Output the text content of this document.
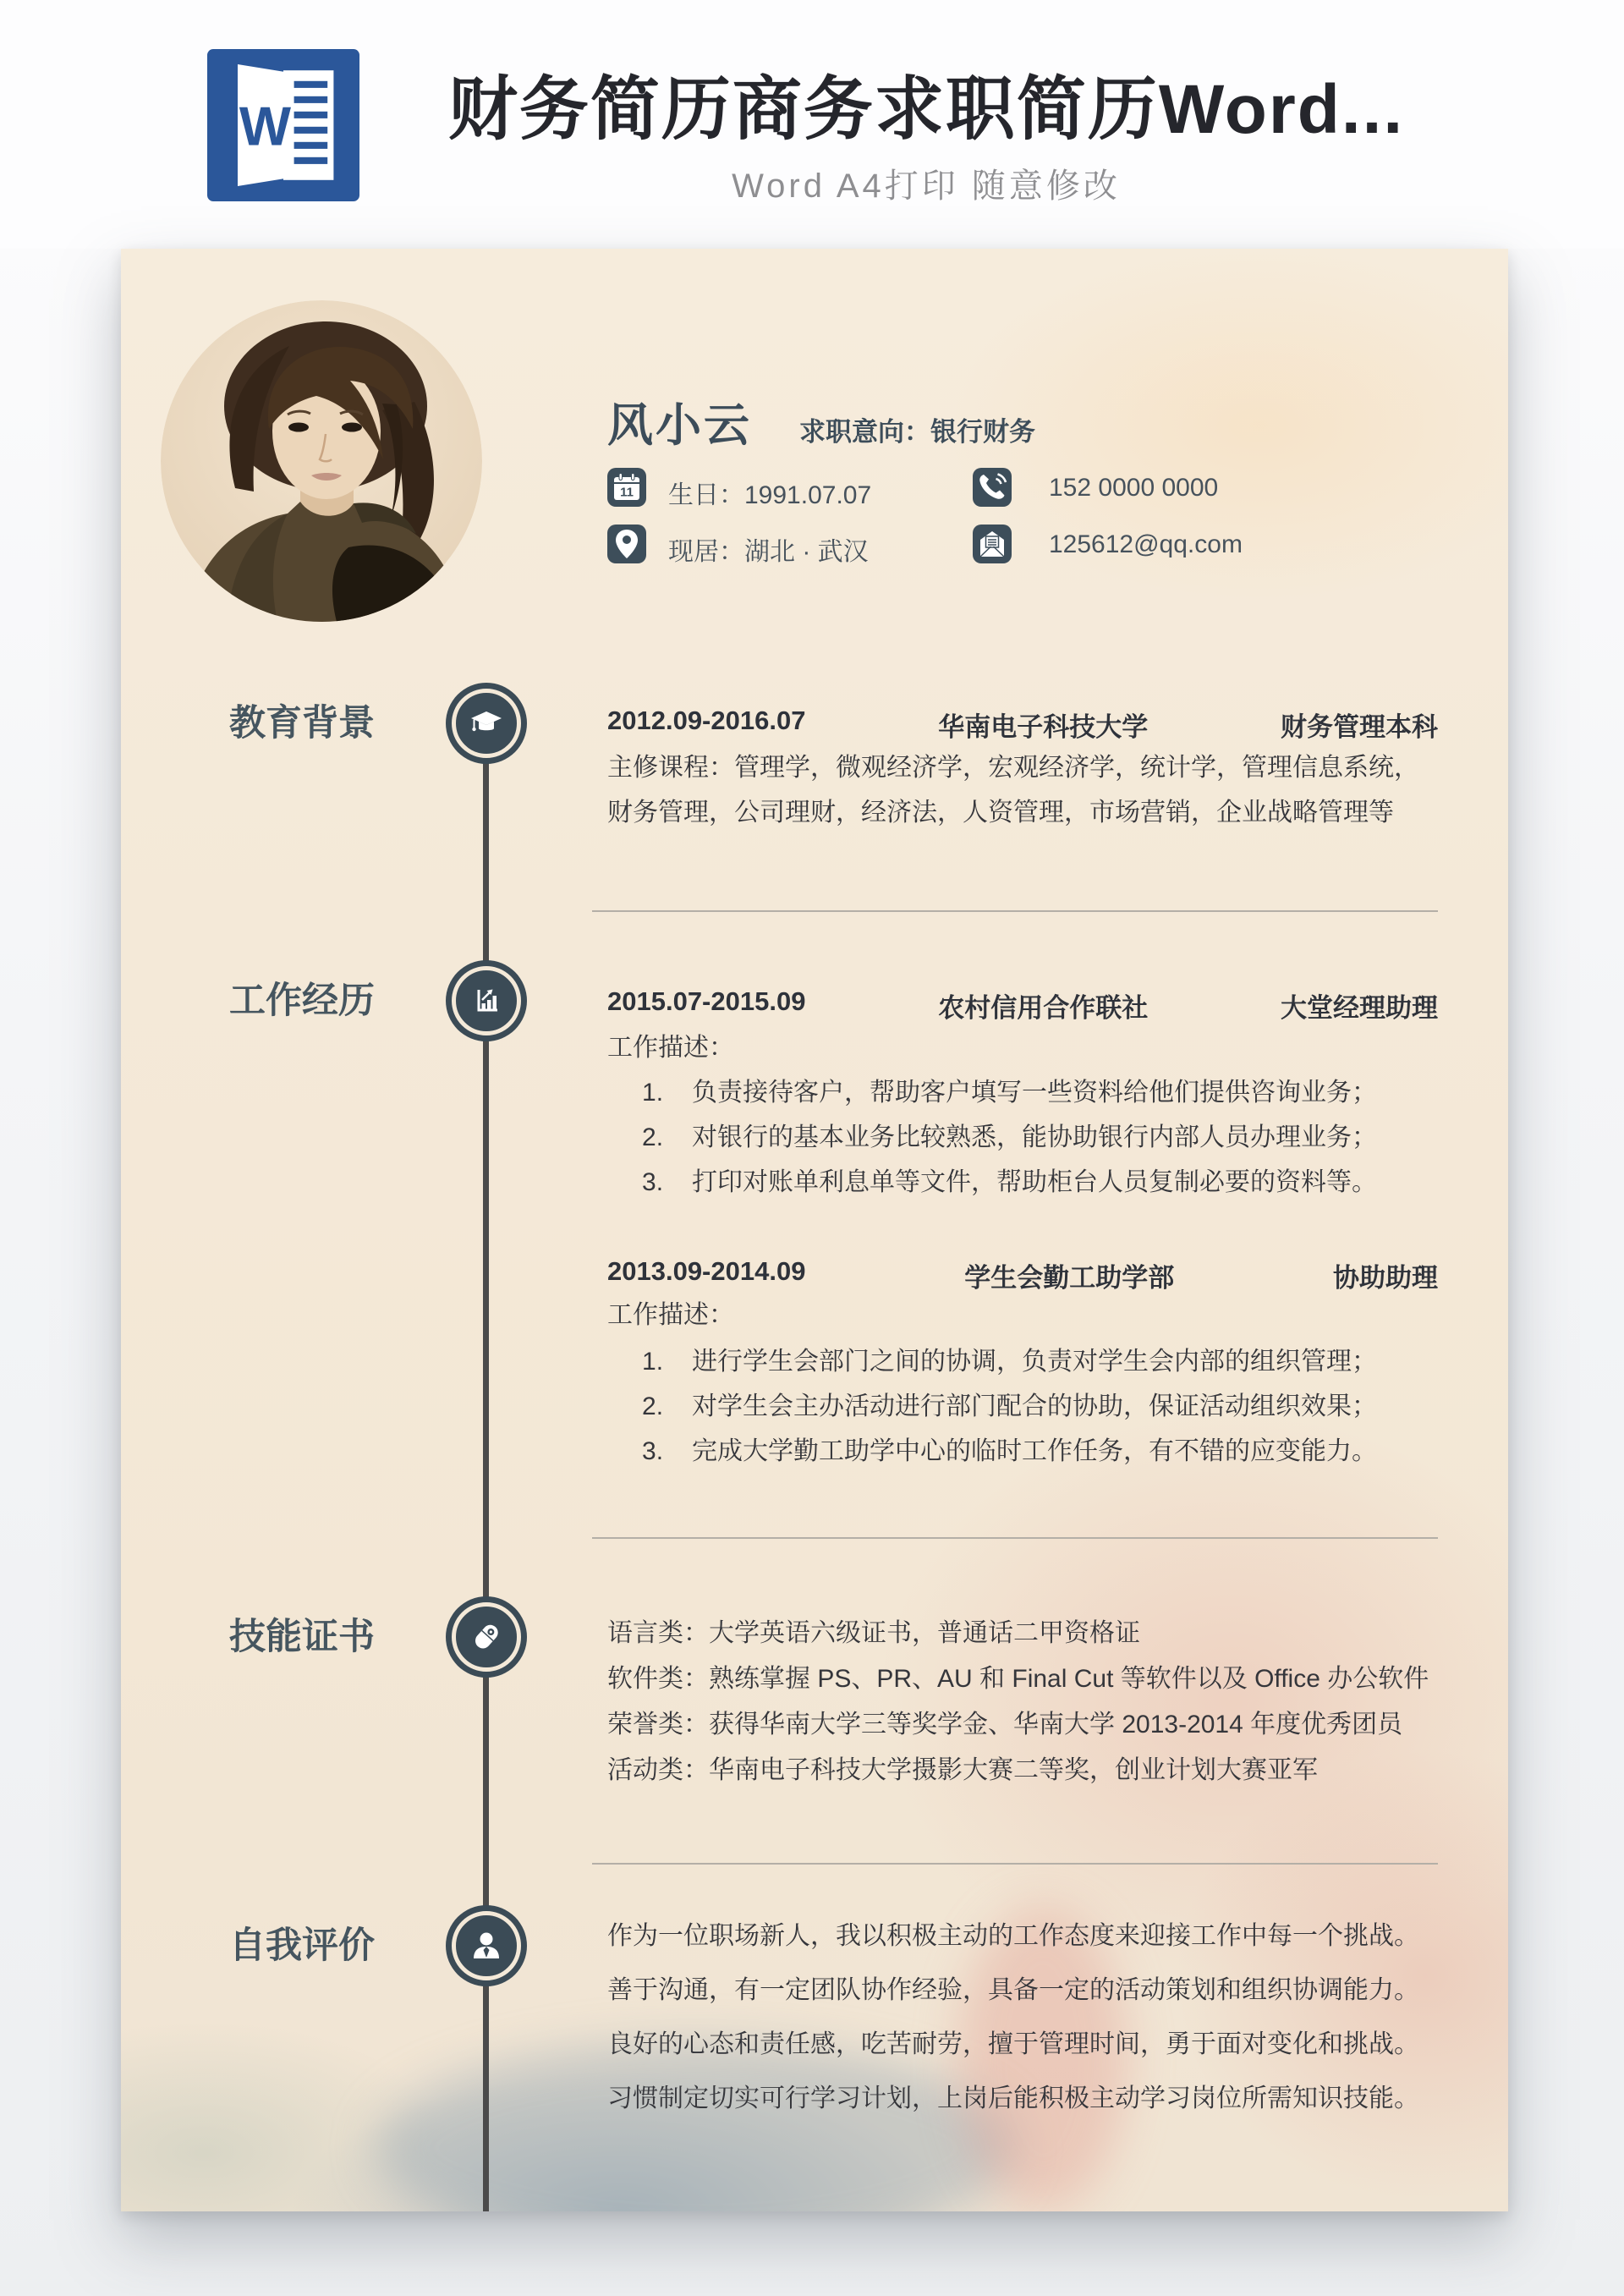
W	财务简历商务求职简历Word...
Word A4打印 随意修改
♡
风小云 求职意向：银行财务
11 生日：1991.07.07	152 0000 0000
现居：湖北 · 武汉	125612@qq.com
教育背景	2012.09-2016.07	华南电子科技大学	财务管理本科
主修课程：管理学，微观经济学，宏观经济学，统计学，管理信息系统，
财务管理，公司理财，经济法，人资管理，市场营销，企业战略管理等
工作经历	2015.07-2015.09	农村信用合作联社	大堂经理助理
工作描述：
负责接待客户，帮助客户填写一些资料给他们提供咨询业务；
对银行的基本业务比较熟悉，能协助银行内部人员办理业务；
打印对账单利息单等文件，帮助柜台人员复制必要的资料等。
2013.09-2014.09	学生会勤工助学部	协助助理
工作描述：
进行学生会部门之间的协调，负责对学生会内部的组织管理；
对学生会主办活动进行部门配合的协助，保证活动组织效果；
完成大学勤工助学中心的临时工作任务，有不错的应变能力。
技能证书	语言类：大学英语六级证书，普通话二甲资格证
软件类：熟练掌握 PS、PR、AU 和 Final Cut 等软件以及 Office 办公软件
荣誉类：获得华南大学三等奖学金、华南大学 2013-2014 年度优秀团员
活动类：华南电子科技大学摄影大赛二等奖，创业计划大赛亚军
自我评价	作为一位职场新人，我以积极主动的工作态度来迎接工作中每一个挑战。
善于沟通，有一定团队协作经验，具备一定的活动策划和组织协调能力。
良好的心态和责任感，吃苦耐劳，擅于管理时间，勇于面对变化和挑战。
习惯制定切实可行学习计划，上岗后能积极主动学习岗位所需知识技能。
